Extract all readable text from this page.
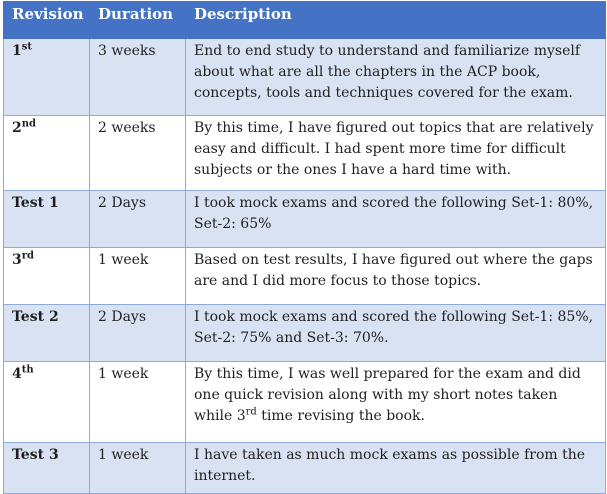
Revision	Duration	Description
1st	3 weeks	End to end study to understand and familiarize myself about what are all the chapters in the ACP book, concepts, tools and techniques covered for the exam.
2nd	2 weeks	By this time, I have figured out topics that are relatively easy and difficult. I had spent more time for difficult subjects or the ones I have a hard time with.
Test 1	2 Days	I took mock exams and scored the following Set-1: 80%, Set-2: 65%
3rd	1 week	Based on test results, I have figured out where the gaps are and I did more focus to those topics.
Test 2	2 Days	I took mock exams and scored the following Set-1: 85%, Set-2: 75% and Set-3: 70%.
4th	1 week	By this time, I was well prepared for the exam and did one quick revision along with my short notes taken while 3rd time revising the book.
Test 3	1 week	I have taken as much mock exams as possible from the internet.
